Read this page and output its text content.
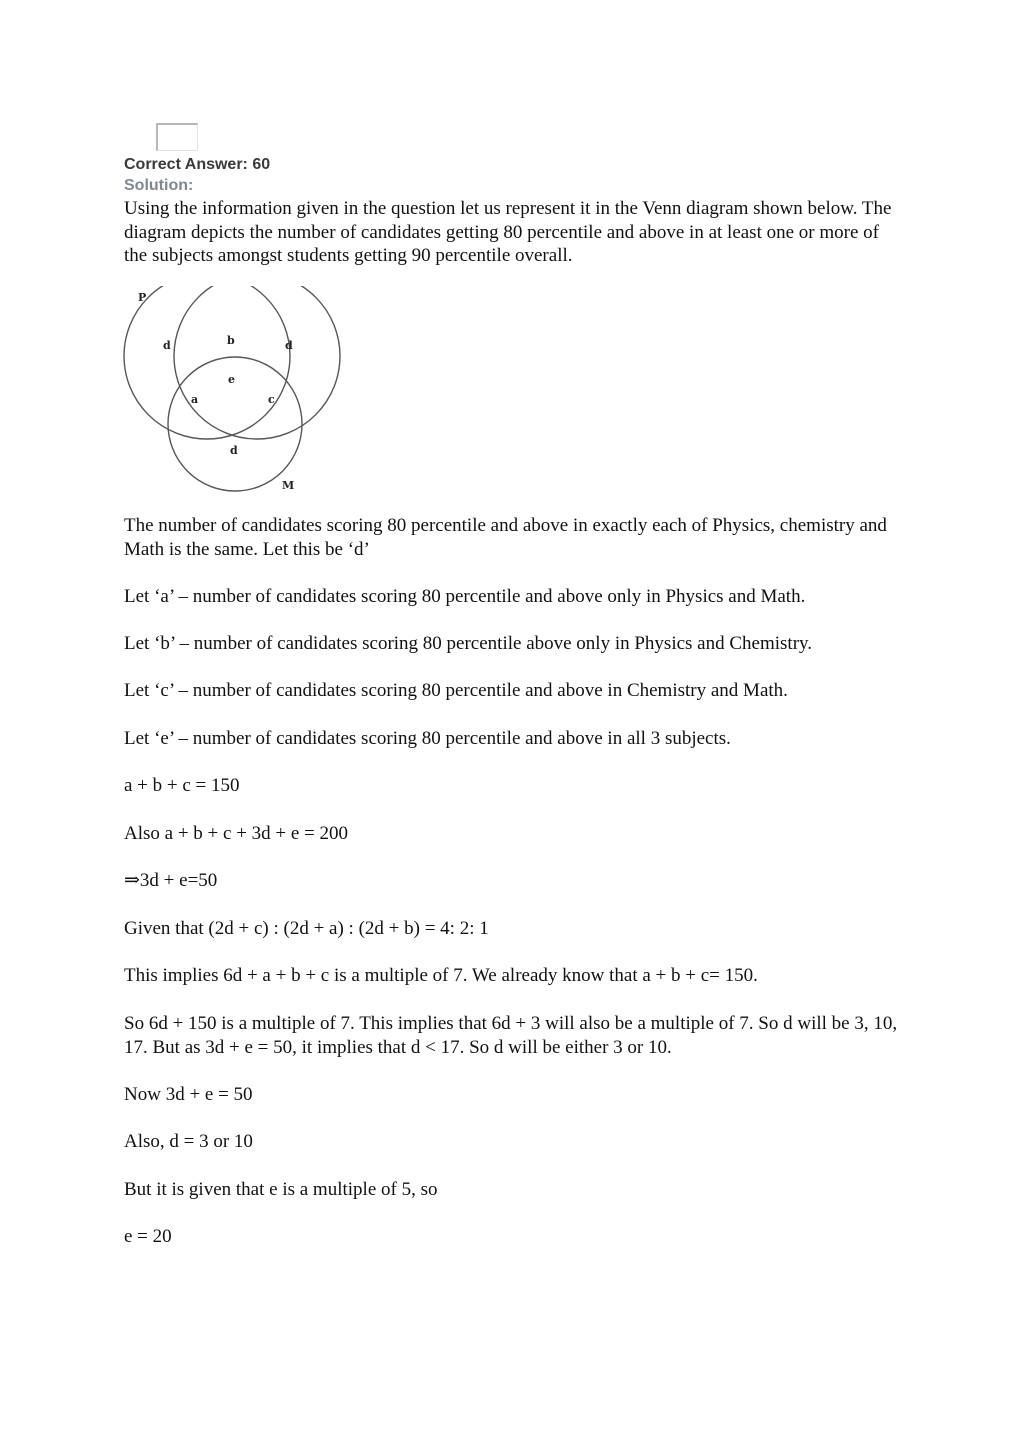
Correct Answer: 60
Solution:

Using the information given in the question let us represent it in the Venn diagram shown below. The diagram depicts the number of candidates getting 80 percentile and above in at least one or more of the subjects amongst students getting 90 percentile overall.

P
M
d	b	d
e
a	c
d

The number of candidates scoring 80 percentile and above in exactly each of Physics, chemistry and Math is the same. Let this be ‘d’

Let ‘a’ – number of candidates scoring 80 percentile and above only in Physics and Math.

Let ‘b’ – number of candidates scoring 80 percentile above only in Physics and Chemistry.

Let ‘c’ – number of candidates scoring 80 percentile and above in Chemistry and Math.

Let ‘e’ – number of candidates scoring 80 percentile and above in all 3 subjects.

a + b + c = 150

Also a + b + c + 3d + e = 200

⇒3d + e=50

Given that (2d + c) : (2d + a) : (2d + b) = 4: 2: 1

This implies 6d + a + b + c is a multiple of 7. We already know that a + b + c= 150.

So 6d + 150 is a multiple of 7. This implies that 6d + 3 will also be a multiple of 7. So d will be 3, 10, 17. But as 3d + e = 50, it implies that d < 17. So d will be either 3 or 10.

Now 3d + e = 50

Also, d = 3 or 10

But it is given that e is a multiple of 5, so

e = 20
